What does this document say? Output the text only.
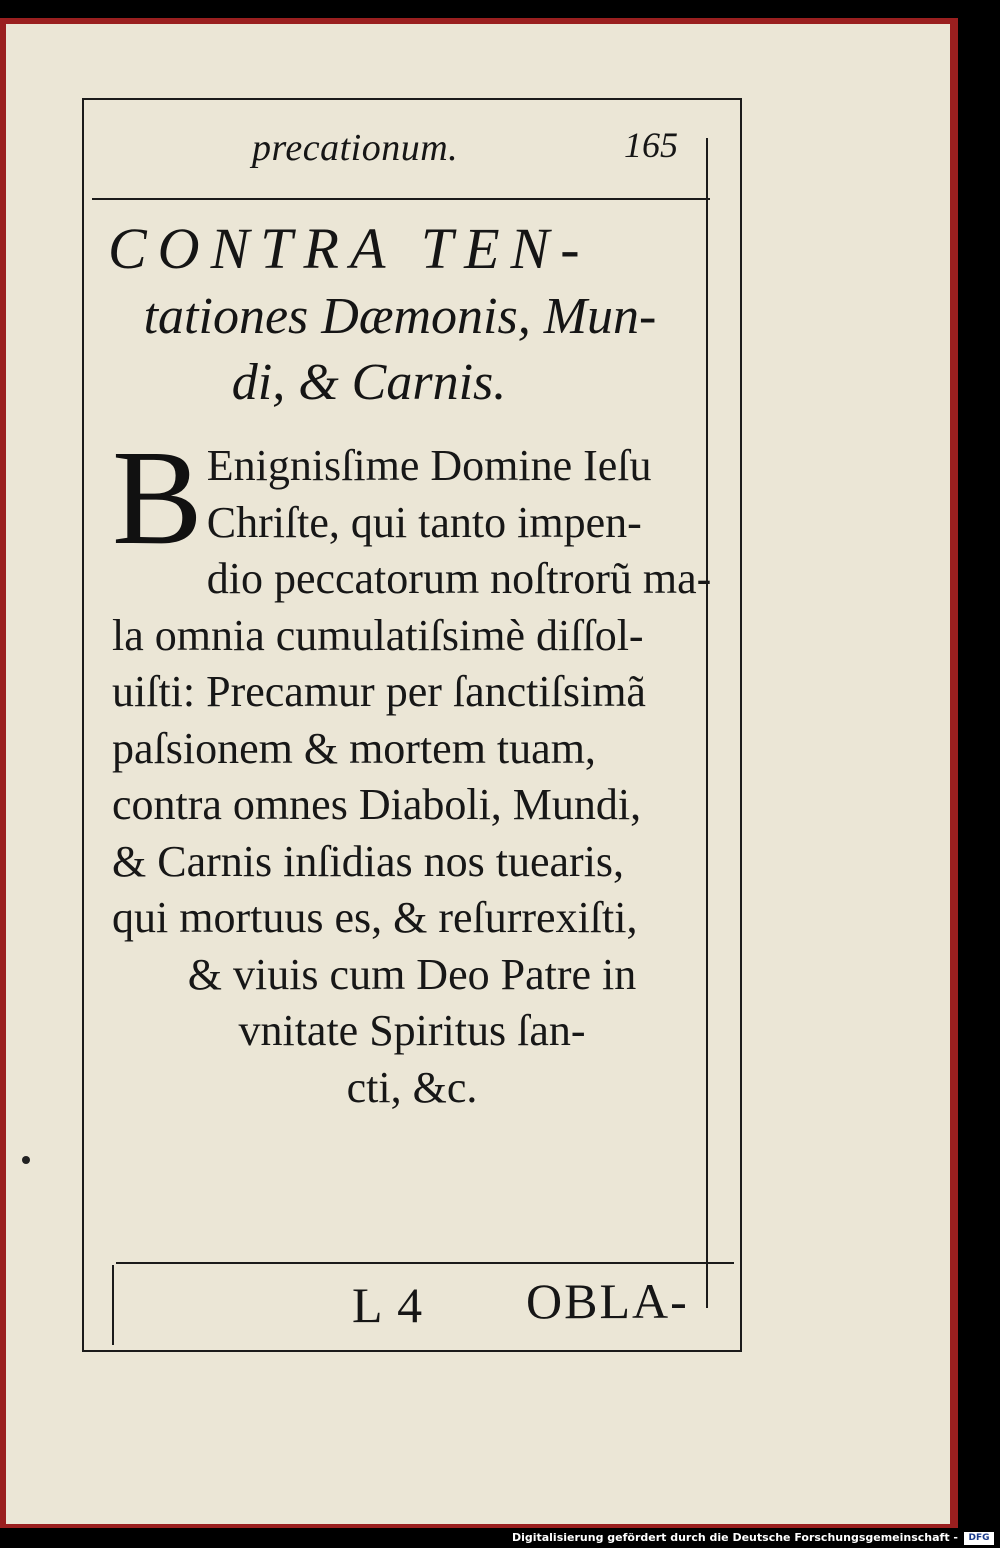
precationum.	165
CONTRA TEN-
tationes Dæmonis, Mun-
di, & Carnis.
B Enignisſime Domine Ieſu
Chriſte, qui tanto impen-
dio peccatorum noſtrorũ ma-
la omnia cumulatiſsimè diſſol-
uiſti: Precamur per ſanctiſsimã
paſsionem & mortem tuam,
contra omnes Diaboli, Mundi,
& Carnis inſidias nos tuearis,
qui mortuus es, & reſurrexiſti,
& viuis cum Deo Patre in
vnitate Spiritus ſan-
cti, &c.
L 4 OBLA-
Digitalisierung gefördert durch die Deutsche Forschungsgemeinschaft -	DFG
